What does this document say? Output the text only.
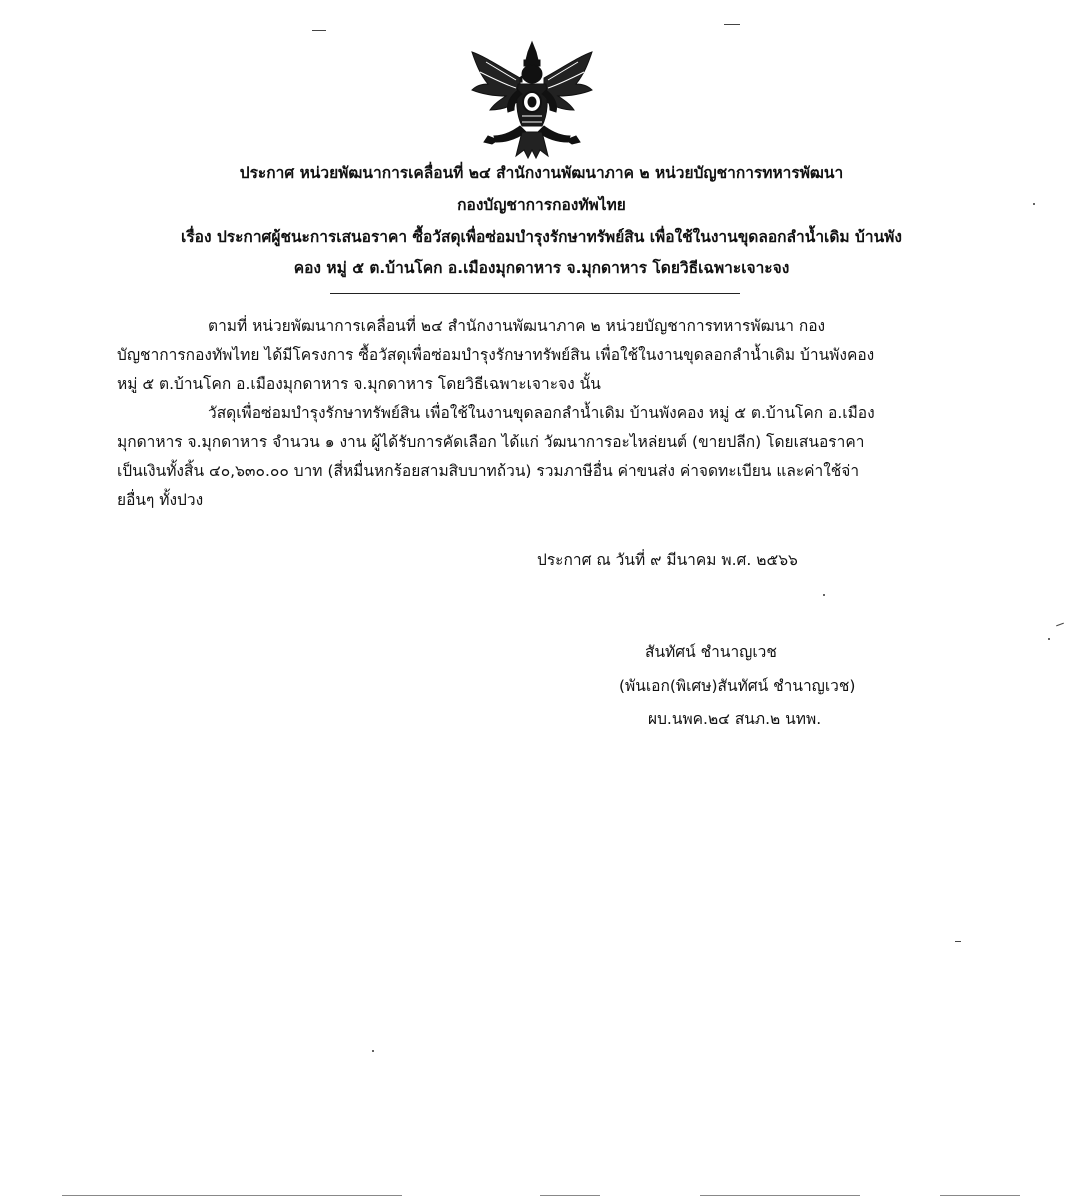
ประกาศ หน่วยพัฒนาการเคลื่อนที่ ๒๔ สำนักงานพัฒนาภาค ๒ หน่วยบัญชาการทหารพัฒนา
กองบัญชาการกองทัพไทย
เรื่อง ประกาศผู้ชนะการเสนอราคา ซื้อวัสดุเพื่อซ่อมบำรุงรักษาทรัพย์สิน เพื่อใช้ในงานขุดลอกลำน้ำเดิม บ้านพัง
คอง หมู่ ๕ ต.บ้านโคก อ.เมืองมุกดาหาร จ.มุกดาหาร โดยวิธีเฉพาะเจาะจง
ตามที่ หน่วยพัฒนาการเคลื่อนที่ ๒๔ สำนักงานพัฒนาภาค ๒ หน่วยบัญชาการทหารพัฒนา กอง
บัญชาการกองทัพไทย ได้มีโครงการ ซื้อวัสดุเพื่อซ่อมบำรุงรักษาทรัพย์สิน เพื่อใช้ในงานขุดลอกลำน้ำเดิม บ้านพังคอง
หมู่ ๕ ต.บ้านโคก อ.เมืองมุกดาหาร จ.มุกดาหาร โดยวิธีเฉพาะเจาะจง นั้น
วัสดุเพื่อซ่อมบำรุงรักษาทรัพย์สิน เพื่อใช้ในงานขุดลอกลำน้ำเดิม บ้านพังคอง หมู่ ๕ ต.บ้านโคก อ.เมือง
มุกดาหาร จ.มุกดาหาร จำนวน ๑ งาน ผู้ได้รับการคัดเลือก ได้แก่ วัฒนาการอะไหล่ยนต์ (ขายปลีก) โดยเสนอราคา
เป็นเงินทั้งสิ้น ๔๐,๖๓๐.๐๐ บาท (สี่หมื่นหกร้อยสามสิบบาทถ้วน) รวมภาษีอื่น ค่าขนส่ง ค่าจดทะเบียน และค่าใช้จ่า
ยอื่นๆ ทั้งปวง
ประกาศ ณ วันที่ ๙ มีนาคม พ.ศ. ๒๕๖๖
สันทัศน์ ชำนาญเวช
(พันเอก(พิเศษ)สันทัศน์ ชำนาญเวช)
ผบ.นพค.๒๔ สนภ.๒ นทพ.
